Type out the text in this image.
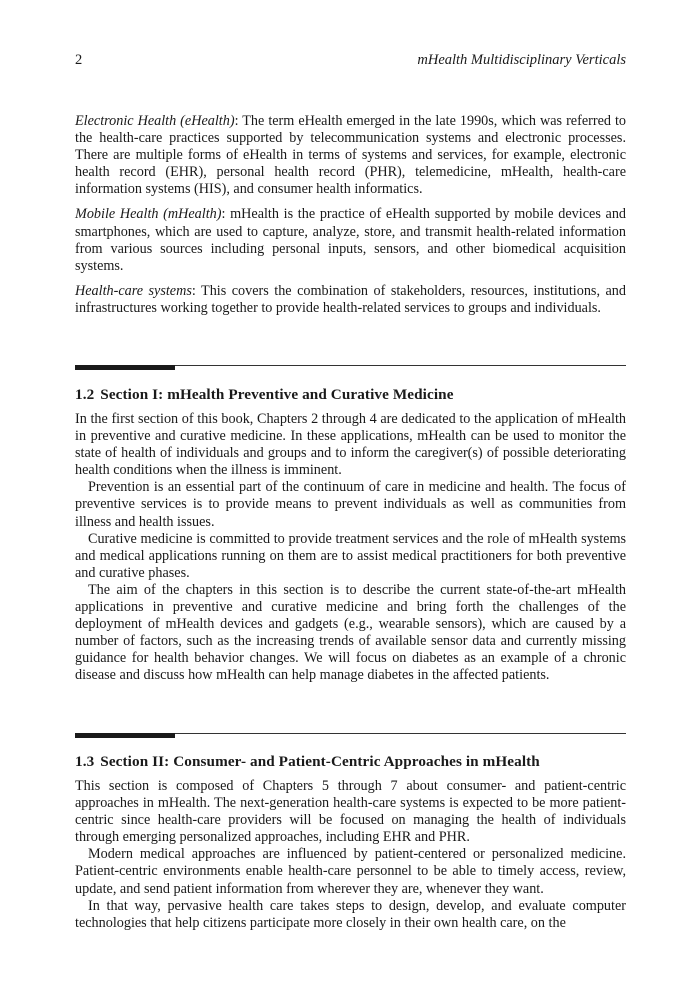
2	mHealth Multidisciplinary Verticals

Electronic Health (eHealth): The term eHealth emerged in the late 1990s, which was referred to the health-care practices supported by telecommunication systems and electronic processes. There are multiple forms of eHealth in terms of systems and services, for example, electronic health record (EHR), personal health record (PHR), telemedicine, mHealth, health-care information systems (HIS), and consumer health informatics.

Mobile Health (mHealth): mHealth is the practice of eHealth supported by mobile devices and smartphones, which are used to capture, analyze, store, and transmit health-related information from various sources including personal inputs, sensors, and other biomedical acquisition systems.

Health-care systems: This covers the combination of stakeholders, resources, institutions, and infrastructures working together to provide health-related services to groups and individuals.

1.2 Section I: mHealth Preventive and Curative Medicine

In the first section of this book, Chapters 2 through 4 are dedicated to the application of mHealth in preventive and curative medicine. In these applications, mHealth can be used to monitor the state of health of individuals and groups and to inform the caregiver(s) of possible deteriorating health conditions when the illness is imminent.

Prevention is an essential part of the continuum of care in medicine and health. The focus of preventive services is to provide means to prevent individuals as well as communities from illness and health issues.

Curative medicine is committed to provide treatment services and the role of mHealth systems and medical applications running on them are to assist medical practitioners for both preventive and curative phases.

The aim of the chapters in this section is to describe the current state-of-the-art mHealth applications in preventive and curative medicine and bring forth the challenges of the deployment of mHealth devices and gadgets (e.g., wearable sensors), which are caused by a number of factors, such as the increasing trends of available sensor data and currently missing guidance for health behavior changes. We will focus on diabetes as an example of a chronic disease and discuss how mHealth can help manage diabetes in the affected patients.

1.3 Section II: Consumer- and Patient-Centric Approaches in mHealth

This section is composed of Chapters 5 through 7 about consumer- and patient-centric approaches in mHealth. The next-generation health-care systems is expected to be more patient-centric since health-care providers will be focused on managing the health of individuals through emerging personalized approaches, including EHR and PHR.

Modern medical approaches are influenced by patient-centered or personalized medicine. Patient-centric environments enable health-care personnel to be able to timely access, review, update, and send patient information from wherever they are, whenever they want.

In that way, pervasive health care takes steps to design, develop, and evaluate computer technologies that help citizens participate more closely in their own health care, on the
